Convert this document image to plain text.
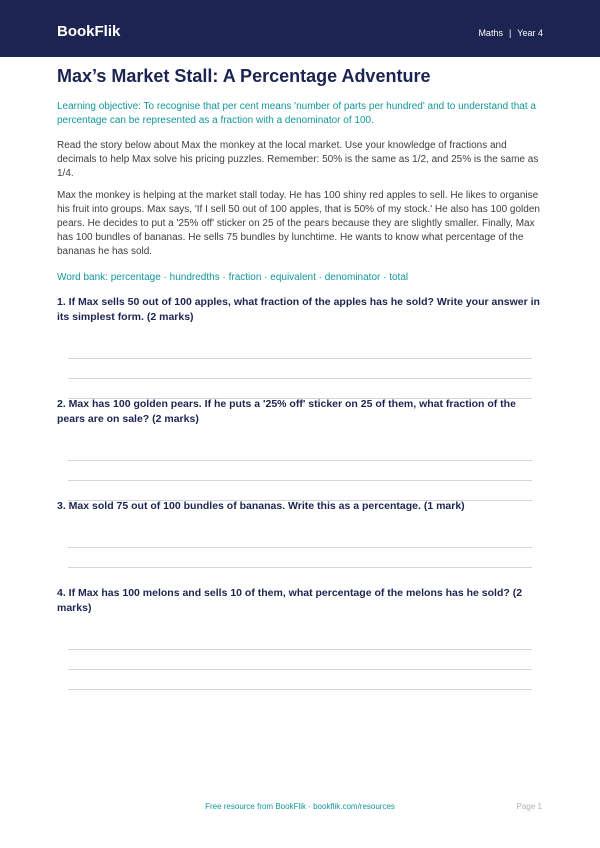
BookFlik	Maths | Year 4
Max’s Market Stall: A Percentage Adventure

Learning objective: To recognise that per cent means 'number of parts per hundred' and to understand that a percentage can be represented as a fraction with a denominator of 100.

Read the story below about Max the monkey at the local market. Use your knowledge of fractions and decimals to help Max solve his pricing puzzles. Remember: 50% is the same as 1/2, and 25% is the same as 1/4.

Max the monkey is helping at the market stall today. He has 100 shiny red apples to sell. He likes to organise his fruit into groups. Max says, 'If I sell 50 out of 100 apples, that is 50% of my stock.' He also has 100 golden pears. He decides to put a '25% off' sticker on 25 of the pears because they are slightly smaller. Finally, Max has 100 bundles of bananas. He sells 75 bundles by lunchtime. He wants to know what percentage of the bananas he has sold.

Word bank: percentage · hundredths · fraction · equivalent · denominator · total

1. If Max sells 50 out of 100 apples, what fraction of the apples has he sold? Write your answer in its simplest form. (2 marks)

2. Max has 100 golden pears. If he puts a '25% off' sticker on 25 of them, what fraction of the pears are on sale? (2 marks)

3. Max sold 75 out of 100 bundles of bananas. Write this as a percentage. (1 mark)

4. If Max has 100 melons and sells 10 of them, what percentage of the melons has he sold? (2 marks)

Free resource from BookFlik · bookflik.com/resources	Page 1
